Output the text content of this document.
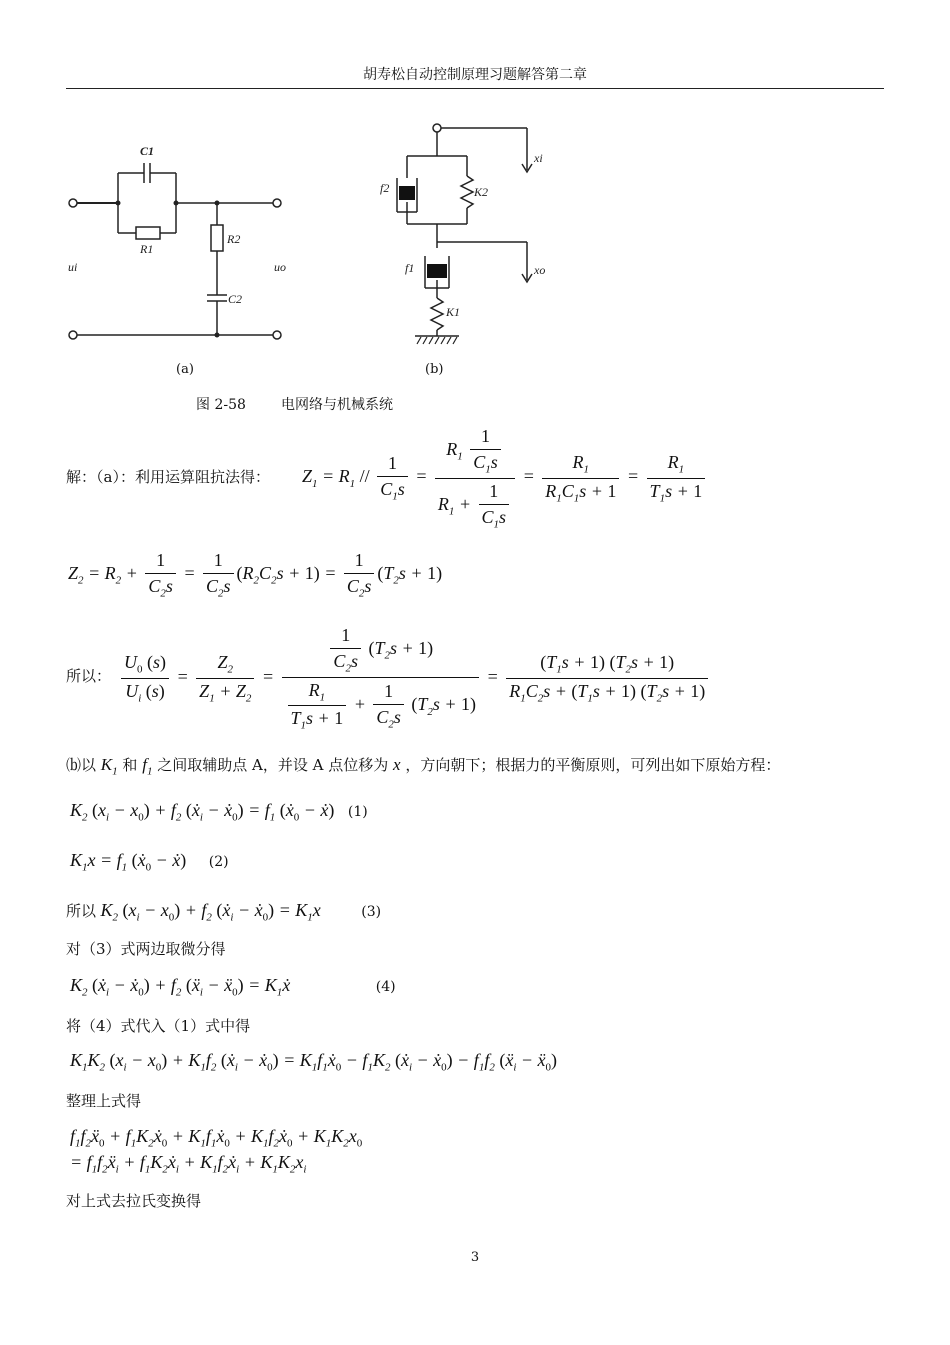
胡寿松自动控制原理习题解答第二章
C1
R1
R2
C2
ui	uo
f2	K2
f1
K1
xi
xo
(a)	(b)
图 2-58	电网络与机械系统
解：（a）：利用运算阻抗法得： $Z_1 = R_1 // \frac{1}{C_1s} = \frac{R_1 \frac{1}{C_1s}}{R_1 + \frac{1}{C_1s}} = \frac{R_1}{R_1C_1s + 1} = \frac{R_1}{T_1s + 1}$
$Z_2 = R_2 + \frac{1}{C_2s} = \frac{1}{C_2s} (R_2C_2s + 1) = \frac{1}{C_2s} (T_2s + 1)$
所以： $\frac{U_0 (s)}{U_i (s)} = \frac{Z_2}{Z_1 + Z_2} = \frac{\frac{1}{C_2s} (T_2s + 1)}{\frac{R_1}{T_1s + 1} + \frac{1}{C_2s} (T_2s + 1)} = \frac{(T_1s + 1) (T_2s + 1)}{R_1C_2s + (T_1s + 1) (T_2s + 1)}$
⒝以 $K_1$ 和 $f_1$ 之间取辅助点 A，并设 A 点位移为 x ，方向朝下；根据力的平衡原则，可列出如下原始方程：
$K_2$ $(x_i - x_0) + f_2$ (ẋ$_i$ − ẋ$_0$) = $f_1$ (ẋ$_0$ − ẋ) (1)
$K_1x = f_1$ (ẋ$_0$ − ẋ) (2)
所以 $K_2$ $(x_i - x_0) + f_2$ (ẋ$_i$ − ẋ$_0$) = $K_1x$         (3)
对（3）式两边取微分得
$K_2$ (ẋ$_i$ − ẋ$_0$) + $f_2$ (ẍ$_i$ − ẍ$_0$) = $K_1ẋ$                   (4)
将（4）式代入（1）式中得
$K_1K_2$ $(x_i - x_0) + K_1f_2$ (ẋ$_i$ − ẋ$_0$) = $K_1f_1ẋ_0 - f_1K_2$ (ẋ$_i$ − ẋ$_0$) − $f_1f_2$ (ẍ$_i$ − ẍ$_0$)
整理上式得
$f_1f_2ẍ_0$ + $f_1K_2ẋ_0$ + $K_1f_1ẋ_0$ + $K_1f_2ẋ_0 + K_1K_2x_0$
= $f_1f_2ẍ_i$ + $f_1K_2ẋ_i$ + $K_1f_2ẋ_i + K_1K_2x_i$
对上式去拉氏变换得
3
